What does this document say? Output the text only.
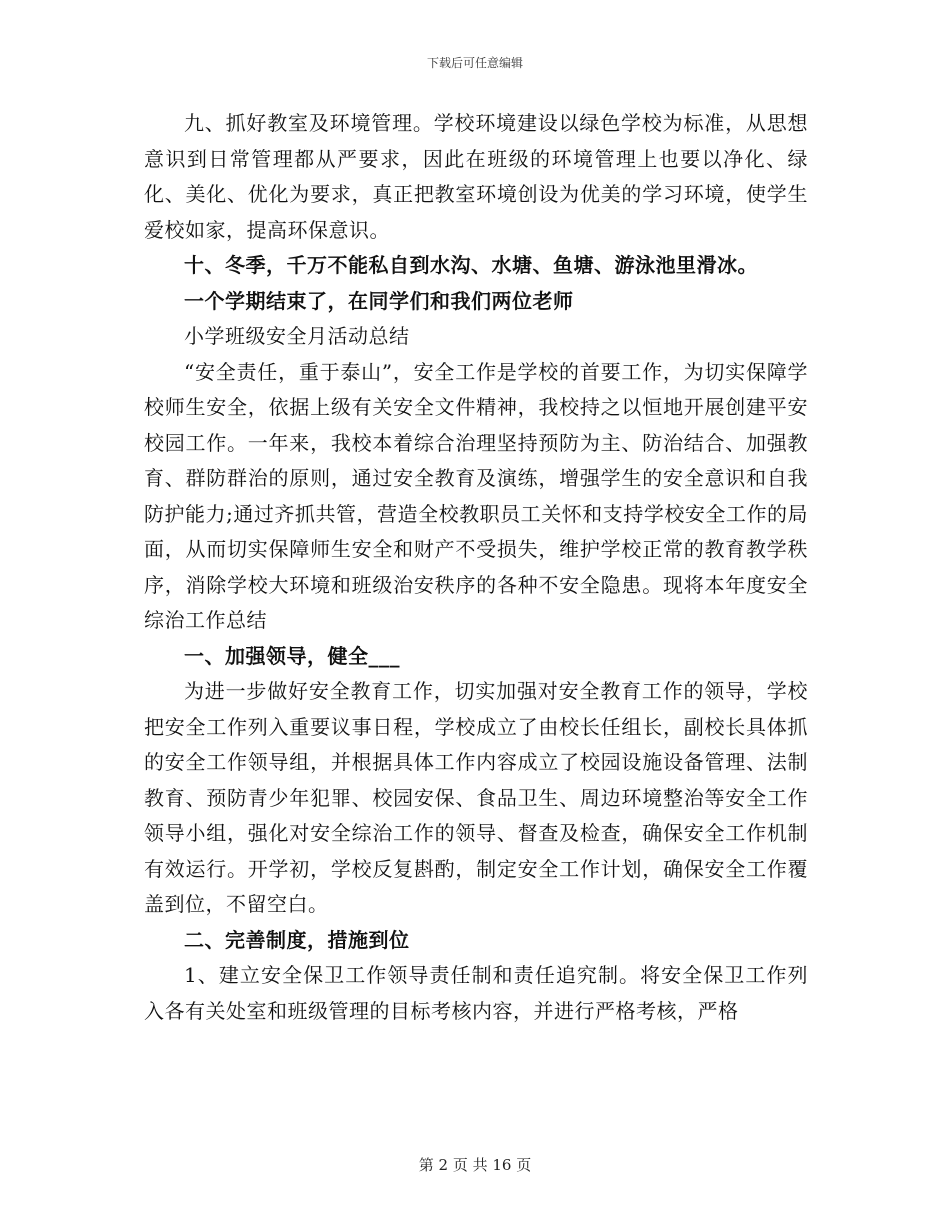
下载后可任意编辑

九、抓好教室及环境管理。学校环境建设以绿色学校为标准，从思想意识到日常管理都从严要求，因此在班级的环境管理上也要以净化、绿化、美化、优化为要求，真正把教室环境创设为优美的学习环境，使学生爱校如家，提高环保意识。

十、冬季，千万不能私自到水沟、水塘、鱼塘、游泳池里滑冰。

一个学期结束了，在同学们和我们两位老师

小学班级安全月活动总结

“安全责任，重于泰山”，安全工作是学校的首要工作，为切实保障学校师生安全，依据上级有关安全文件精神，我校持之以恒地开展创建平安校园工作。一年来，我校本着综合治理坚持预防为主、防治结合、加强教育、群防群治的原则，通过安全教育及演练，增强学生的安全意识和自我防护能力;通过齐抓共管，营造全校教职员工关怀和支持学校安全工作的局面，从而切实保障师生安全和财产不受损失，维护学校正常的教育教学秩序，消除学校大环境和班级治安秩序的各种不安全隐患。现将本年度安全综治工作总结

一、加强领导，健全___

为进一步做好安全教育工作，切实加强对安全教育工作的领导，学校把安全工作列入重要议事日程，学校成立了由校长任组长，副校长具体抓的安全工作领导组，并根据具体工作内容成立了校园设施设备管理、法制教育、预防青少年犯罪、校园安保、食品卫生、周边环境整治等安全工作领导小组，强化对安全综治工作的领导、督查及检查，确保安全工作机制有效运行。开学初，学校反复斟酌，制定安全工作计划，确保安全工作覆盖到位，不留空白。

二、完善制度，措施到位

1、建立安全保卫工作领导责任制和责任追究制。将安全保卫工作列入各有关处室和班级管理的目标考核内容，并进行严格考核，严格

第 2 页 共 16 页
